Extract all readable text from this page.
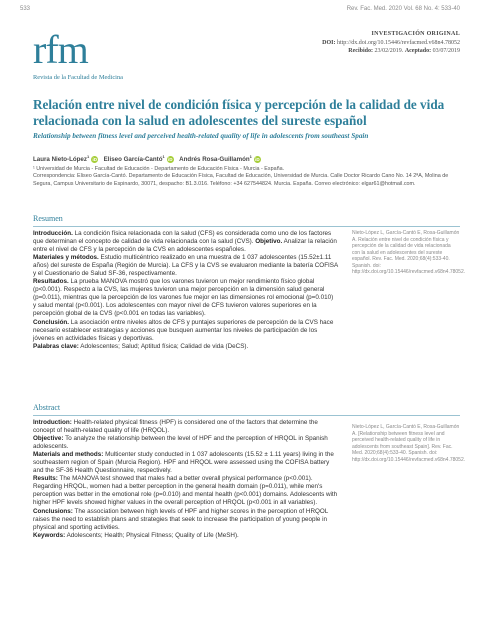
533	Rev. Fac. Med. 2020 Vol. 68 No. 4: 533-40
rfm
Revista de la Facultad de Medicina
INVESTIGACIÓN ORIGINAL
DOI: http://dx.doi.org/10.15446/revfacmed.v68n4.78052
Recibido: 23/02/2019. Aceptado: 03/07/2019
Relación entre nivel de condición física y percepción de la calidad de vida relacionada con la salud en adolescentes del sureste español
Relationship between fitness level and perceived health-related quality of life in adolescents from southeast Spain
Laura Nieto-López$^1$iD Eliseo García-Cantó$^1$iD Andrés Rosa-Guillamón$^1$iD
¹ Universidad de Murcia - Facultad de Educación - Departamento de Educación Física - Murcia - España.
Correspondencia: Eliseo García-Cantó. Departamento de Educación Física, Facultad de Educación, Universidad de Murcia. Calle Doctor Ricardo Cano No. 14 2ªA, Molina de Segura, Campus Universitario de Espinardo, 30071, despacho: B1.3.016. Teléfono: +34 627544824. Murcia. España. Correo electrónico: elgar61@hotmail.com.
Resumen

Introducción. La condición física relacionada con la salud (CFS) es considerada como uno de los factores que determinan el concepto de calidad de vida relacionada con la salud (CVS). Objetivo. Analizar la relación entre el nivel de CFS y la percepción de la CVS en adolescentes españoles.

Materiales y métodos. Estudio multicéntrico realizado en una muestra de 1 037 adolescentes (15.52±1.11 años) del sureste de España (Región de Murcia). La CFS y la CVS se evaluaron mediante la batería COFISA y el Cuestionario de Salud SF-36, respectivamente.

Resultados. La prueba MANOVA mostró que los varones tuvieron un mejor rendimiento físico global (p<0.001). Respecto a la CVS, las mujeres tuvieron una mejor percepción en la dimensión salud general (p=0.011), mientras que la percepción de los varones fue mejor en las dimensiones rol emocional (p=0.010) y salud mental (p<0.001). Los adolescentes con mayor nivel de CFS tuvieron valores superiores en la percepción global de la CVS (p<0.001 en todas las variables).

Conclusión. La asociación entre niveles altos de CFS y puntajes superiores de percepción de la CVS hace necesario establecer estrategias y acciones que busquen aumentar los niveles de participación de los jóvenes en actividades físicas y deportivas.

Palabras clave: Adolescentes; Salud; Aptitud física; Calidad de vida (DeCS).

Nieto-López L, García-Cantó E, Rosa-Guillamón A. Relación entre nivel de condición física y percepción de la calidad de vida relacionada con la salud en adolescentes del sureste español. Rev. Fac. Med. 2020;68(4):533-40. Spanish. doi: http://dx.doi.org/10.15446/revfacmed.v68n4.78052.
Abstract

Introduction: Health-related physical fitness (HPF) is considered one of the factors that determine the concept of health-related quality of life (HRQOL).

Objective: To analyze the relationship between the level of HPF and the perception of HRQOL in Spanish adolescents.

Materials and methods: Multicenter study conducted in 1 037 adolescents (15.52 ± 1.11 years) living in the southeastern region of Spain (Murcia Region). HPF and HRQOL were assessed using the COFISA battery and the SF-36 Health Questionnaire, respectively.

Results: The MANOVA test showed that males had a better overall physical performance (p<0.001). Regarding HRQOL, women had a better perception in the general health domain (p=0.011), while men's perception was better in the emotional role (p=0.010) and mental health (p<0.001) domains. Adolescents with higher HPF levels showed higher values in the overall perception of HRQOL (p<0.001 in all variables).

Conclusions: The association between high levels of HPF and higher scores in the perception of HRQOL raises the need to establish plans and strategies that seek to increase the participation of young people in physical and sporting activities.

Keywords: Adolescents; Health; Physical Fitness; Quality of Life (MeSH).

Nieto-López L, García-Cantó E, Rosa-Guillamón A. [Relationship between fitness level and perceived health-related quality of life in adolescents from southeast Spain]. Rev. Fac. Med. 2020;68(4):533-40. Spanish. doi: http://dx.doi.org/10.15446/revfacmed.v68n4.78052.
